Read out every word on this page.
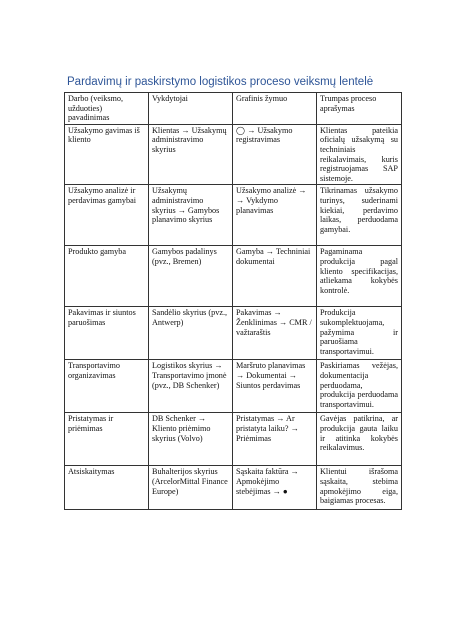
Pardavimų ir paskirstymo logistikos proceso veiksmų lentelė
Darbo (veiksmo, užduoties) pavadinimas	Vykdytojai	Grafinis žymuo	Trumpas proceso aprašymas
Užsakymo gavimas iš kliento	Klientas → Užsakymų administravimo skyrius	◯ → Užsakymo registravimas	Klientas pateikia oficialų užsakymą su techniniais reikalavimais, kuris registruojamas SAP sistemoje.
Užsakymo analizė ir perdavimas gamybai	Užsakymų administravimo skyrius → Gamybos planavimo skyrius	Užsakymo analizė → → Vykdymo planavimas	Tikrinamas užsakymo turinys, suderinami kiekiai, perdavimo laikas, perduodama gamybai.
Produkto gamyba	Gamybos padalinys (pvz., Bremen)	Gamyba → Techniniai dokumentai	Pagaminama produkcija pagal klientо specifikacijas, atliekama kokybės kontrolė.
Pakavimas ir siuntos paruošimas	Sandėlio skyrius (pvz., Antwerp)	Pakavimas → Ženklinimas → CMR / važtaraštis	Produkcija sukomplektuojama, pažymima ir paruošiama transportavimui.
Transportavimo organizavimas	Logistikos skyrius → Transportavimo įmonė (pvz., DB Schenker)	Maršruto planavimas → Dokumentai → Siuntos perdavimas	Paskiriamas vežėjas, dokumentacija perduodama, produkcija perduodama transportavimui.
Pristatymas ir priėmimas	DB Schenker → Kliento priėmimo skyrius (Volvo)	Pristatymas → Ar pristatyta laiku? → Priėmimas	Gavėjas patikrina, ar produkcija gauta laiku ir atitinka kokybės reikalavimus.
Atsiskaitymas	Buhalterijos skyrius (ArcelorMittal Finance Europe)	Sąskaita faktūra → Apmokėjimo stebėjimas → ●	Klientui išrašoma sąskaita, stebima apmokėjimo eiga, baigiamas procesas.
